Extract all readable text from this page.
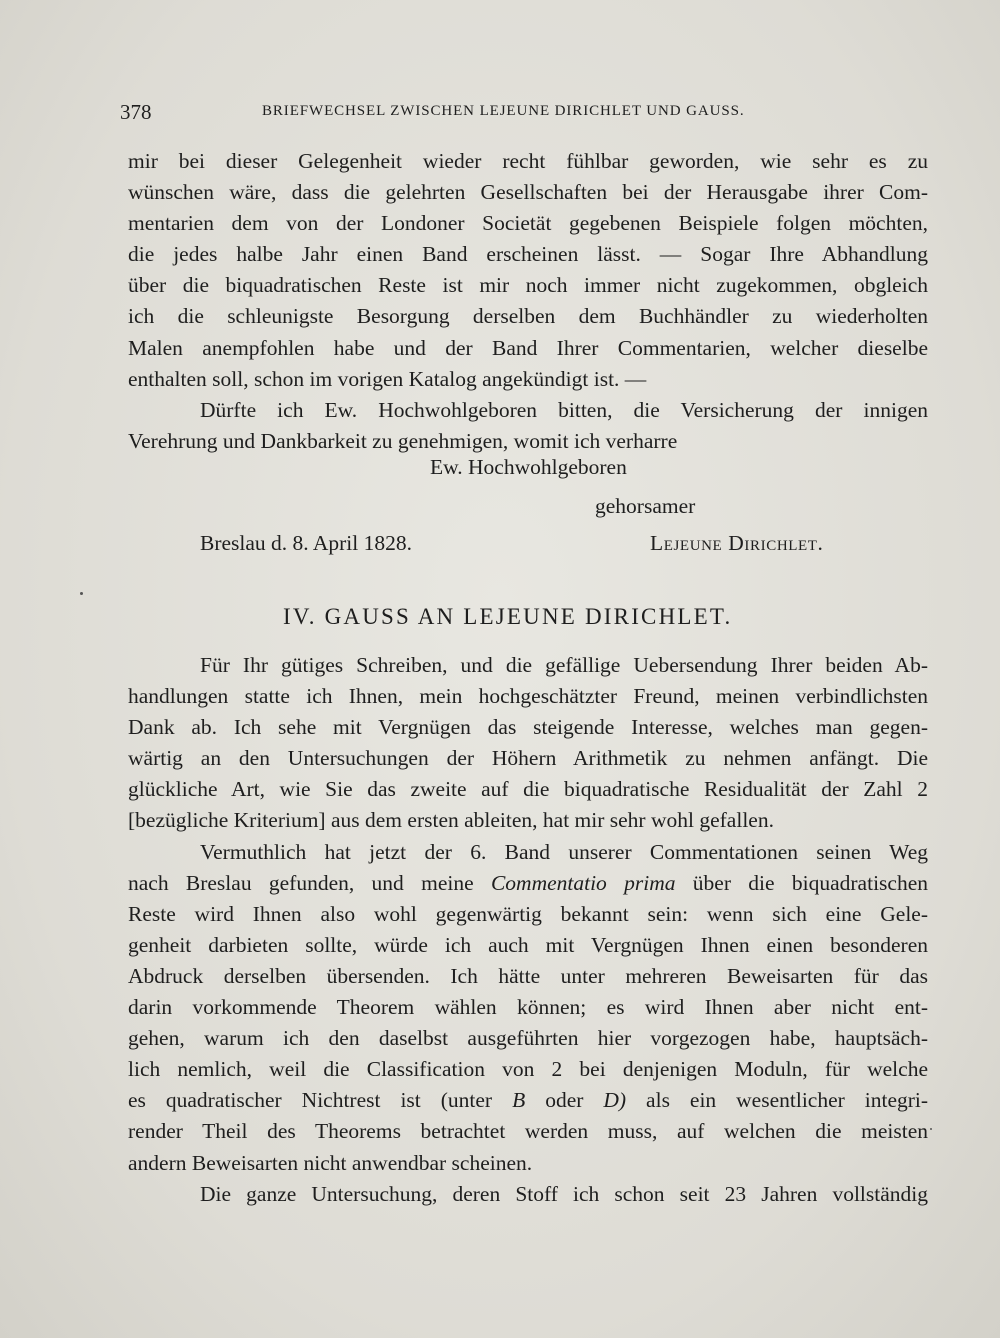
378	BRIEFWECHSEL ZWISCHEN LEJEUNE DIRICHLET UND GAUSS.
mir bei dieser Gelegenheit wieder recht fühlbar geworden, wie sehr es zu
wünschen wäre, dass die gelehrten Gesellschaften bei der Herausgabe ihrer Com-
mentarien dem von der Londoner Societät gegebenen Beispiele folgen möchten,
die jedes halbe Jahr einen Band erscheinen lässt. — Sogar Ihre Abhandlung
über die biquadratischen Reste ist mir noch immer nicht zugekommen, obgleich
ich die schleunigste Besorgung derselben dem Buchhändler zu wiederholten
Malen anempfohlen habe und der Band Ihrer Commentarien, welcher dieselbe
enthalten soll, schon im vorigen Katalog angekündigt ist. —
Dürfte ich Ew. Hochwohlgeboren bitten, die Versicherung der innigen
Verehrung und Dankbarkeit zu genehmigen, womit ich verharre
Ew. Hochwohlgeboren
gehorsamer
Breslau d. 8. April 1828.	Lejeune Dirichlet.
IV. GAUSS AN LEJEUNE DIRICHLET.
Für Ihr gütiges Schreiben, und die gefällige Uebersendung Ihrer beiden Ab-
handlungen statte ich Ihnen, mein hochgeschätzter Freund, meinen verbindlichsten
Dank ab. Ich sehe mit Vergnügen das steigende Interesse, welches man gegen-
wärtig an den Untersuchungen der Höhern Arithmetik zu nehmen anfängt. Die
glückliche Art, wie Sie das zweite auf die biquadratische Residualität der Zahl 2
[bezügliche Kriterium] aus dem ersten ableiten, hat mir sehr wohl gefallen.
Vermuthlich hat jetzt der 6. Band unserer Commentationen seinen Weg
nach Breslau gefunden, und meine Commentatio prima über die biquadratischen
Reste wird Ihnen also wohl gegenwärtig bekannt sein: wenn sich eine Gele-
genheit darbieten sollte, würde ich auch mit Vergnügen Ihnen einen besonderen
Abdruck derselben übersenden. Ich hätte unter mehreren Beweisarten für das
darin vorkommende Theorem wählen können; es wird Ihnen aber nicht ent-
gehen, warum ich den daselbst ausgeführten hier vorgezogen habe, hauptsäch-
lich nemlich, weil die Classification von 2 bei denjenigen Moduln, für welche
es quadratischer Nichtrest ist (unter B oder D) als ein wesentlicher integri-
render Theil des Theorems betrachtet werden muss, auf welchen die meisten
andern Beweisarten nicht anwendbar scheinen.
Die ganze Untersuchung, deren Stoff ich schon seit 23 Jahren vollständig
